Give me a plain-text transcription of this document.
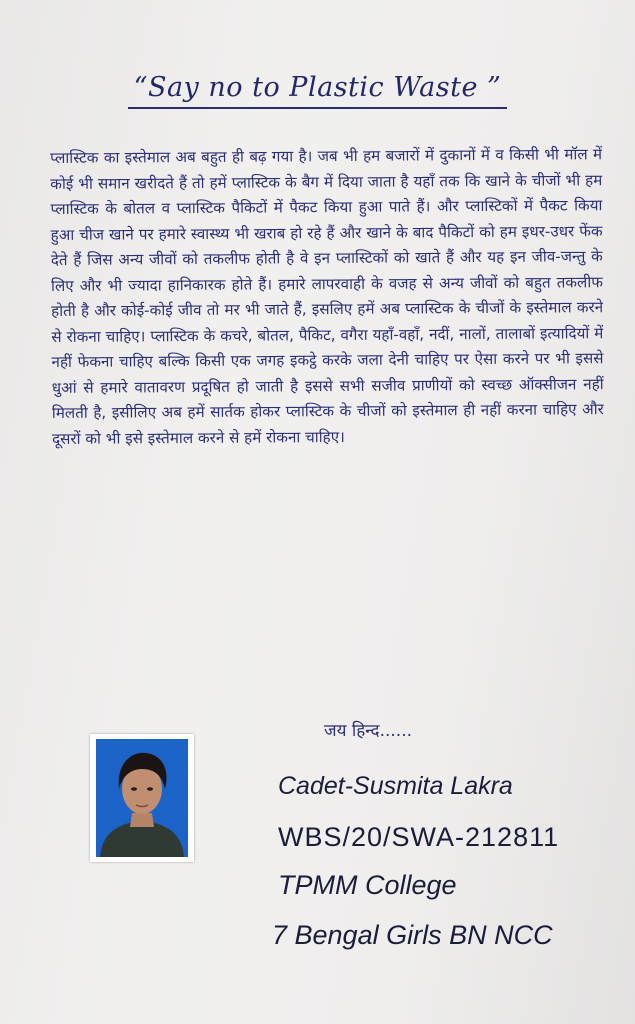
“Say no to Plastic Waste ”
प्लास्टिक का इस्तेमाल अब बहुत ही बढ़ गया है। जब भी हम बजारों में दुकानों में व किसी भी मॉल में कोई भी समान खरीदते हैं तो हमें प्लास्टिक के बैग में दिया जाता है यहाँ तक कि खाने के चीजों भी हम प्लास्टिक के बोतल व प्लास्टिक पैकिटों में पैकट किया हुआ पाते हैं। और प्लास्टिकों में पैकट किया हुआ चीज खाने पर हमारे स्वास्थ्य भी खराब हो रहे हैं और खाने के बाद पैकिटों को हम इधर-उधर फेंक देते हैं जिस अन्य जीवों को तकलीफ होती है वे इन प्लास्टिकों को खाते हैं और यह इन जीव-जन्तु के लिए और भी ज्यादा हानिकारक होते हैं। हमारे लापरवाही के वजह से अन्य जीवों को बहुत तकलीफ होती है और कोई-कोई जीव तो मर भी जाते हैं, इसलिए हमें अब प्लास्टिक के चीजों के इस्तेमाल करने से रोकना चाहिए। प्लास्टिक के कचरे, बोतल, पैकिट, वगैरा यहाँ-वहाँ, नदीं, नालों, तालाबों इत्यादियों में नहीं फेकना चाहिए बल्कि किसी एक जगह इकट्ठे करके जला देनी चाहिए पर ऐसा करने पर भी इससे धुआं से हमारे वातावरण प्रदूषित हो जाती है इससे सभी सजीव प्राणीयों को स्वच्छ ऑक्सीजन नहीं मिलती है, इसीलिए अब हमें सार्तक होकर प्लास्टिक के चीजों को इस्तेमाल ही नहीं करना चाहिए और दूसरों को भी इसे इस्तेमाल करने से हमें रोकना चाहिए।
जय हिन्द......
Cadet-Susmita Lakra
WBS/20/SWA-212811
TPMM College
7 Bengal Girls BN NCC
